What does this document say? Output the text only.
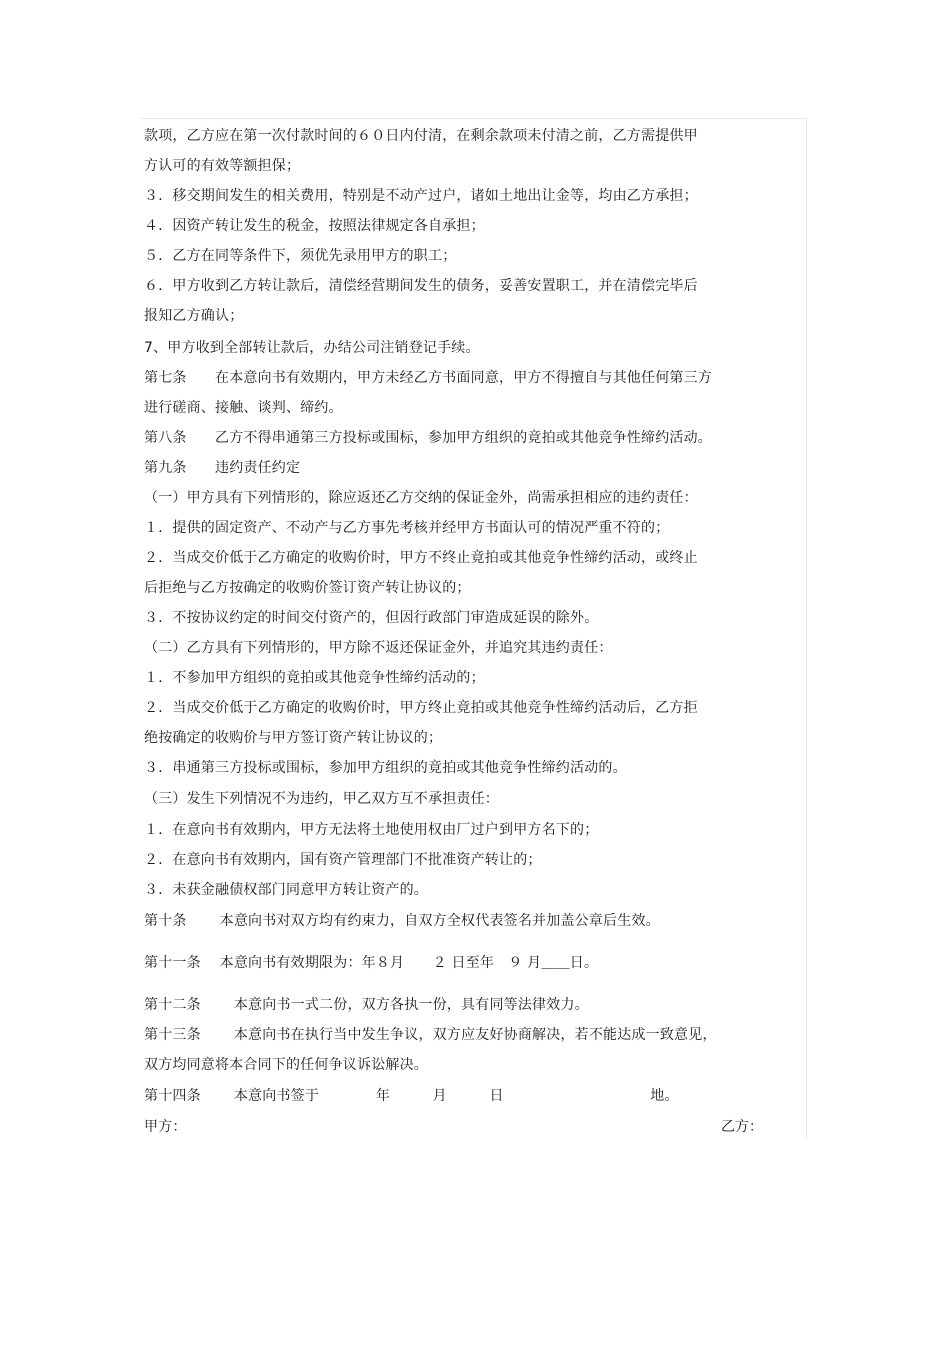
款项，乙方应在第一次付款时间的６０日内付清，在剩余款项未付清之前，乙方需提供甲
方认可的有效等额担保；
３．移交期间发生的相关费用，特别是不动产过户，诸如土地出让金等，均由乙方承担；
４．因资产转让发生的税金，按照法律规定各自承担；
５．乙方在同等条件下，须优先录用甲方的职工；
６．甲方收到乙方转让款后，清偿经营期间发生的债务，妥善安置职工，并在清偿完毕后
报知乙方确认；
7、甲方收到全部转让款后，办结公司注销登记手续。
第七条　　在本意向书有效期内，甲方未经乙方书面同意，甲方不得擅自与其他任何第三方
进行磋商、接触、谈判、缔约。
第八条　　乙方不得串通第三方投标或围标，参加甲方组织的竟拍或其他竞争性缔约活动。
第九条　　违约责任约定
（一）甲方具有下列情形的，除应返还乙方交纳的保证金外，尚需承担相应的违约责任：
１．提供的固定资产、不动产与乙方事先考核并经甲方书面认可的情况严重不符的；
２．当成交价低于乙方确定的收购价时，甲方不终止竟拍或其他竞争性缔约活动，或终止
后拒绝与乙方按确定的收购价签订资产转让协议的；
３．不按协议约定的时间交付资产的，但因行政部门审造成延误的除外。
（二）乙方具有下列情形的，甲方除不返还保证金外，并追究其违约责任：
１．不参加甲方组织的竟拍或其他竞争性缔约活动的；
２．当成交价低于乙方确定的收购价时，甲方终止竟拍或其他竞争性缔约活动后，乙方拒
绝按确定的收购价与甲方签订资产转让协议的；
３．串通第三方投标或围标，参加甲方组织的竟拍或其他竞争性缔约活动的。
（三）发生下列情况不为违约，甲乙双方互不承担责任：
１．在意向书有效期内，甲方无法将土地使用权由厂过户到甲方名下的；
２．在意向书有效期内，国有资产管理部门不批准资产转让的；
３．未获金融债权部门同意甲方转让资产的。
第十条　　 本意向书对双方均有约束力，自双方全权代表签名并加盖公章后生效。
第十一条　 本意向书有效期限为：年８月　　２ 日至年　９ 月＿＿日。
第十二条　　 本意向书一式二份，双方各执一份，具有同等法律效力。
第十三条　　 本意向书在执行当中发生争议，双方应友好协商解决，若不能达成一致意见，
双方均同意将本合同下的任何争议诉讼解决。
第十四条　　 本意向书签于　　　　年　　　月　　　日　　　　　　　　　　 地。
甲方：	乙方：
